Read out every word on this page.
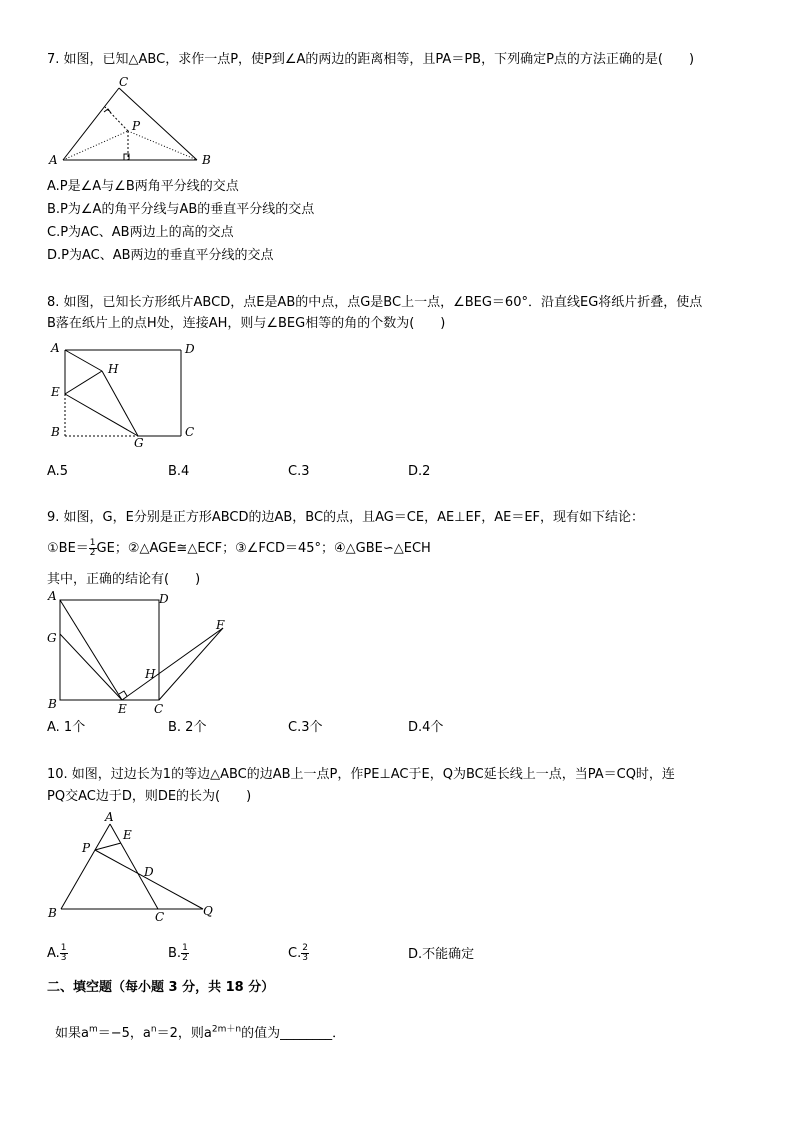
7. 如图，已知△ABC，求作一点P，使P到∠A的两边的距离相等，且PA＝PB，下列确定P点的方法正确的是(　　)
A	B
C
P
A.P是∠A与∠B两角平分线的交点
B.P为∠A的角平分线与AB的垂直平分线的交点
C.P为AC、AB两边上的高的交点
D.P为AC、AB两边的垂直平分线的交点
8. 如图，已知长方形纸片ABCD，点E是AB的中点，点G是BC上一点，∠BEG＝60°．沿直线EG将纸片折叠，使点
B落在纸片上的点H处，连接AH，则与∠BEG相等的角的个数为(　　)
A	D
E
H
B
G
C
A.5	B.4	C.3	D.2
9. 如图，G，E分别是正方形ABCD的边AB，BC的点，且AG＝CE，AE⊥EF，AE＝EF，现有如下结论：
①BE＝ $\frac{1}{2}$ GE；②△AGE≅△ECF；③∠FCD＝45°；④△GBE∽△ECH
其中，正确的结论有(　　)
A	D
G
F
H
B	E C
A. 1个	B. 2个	C.3个	D.4个
10. 如图，过边长为1的等边△ABC的边AB上一点P，作PE⊥AC于E，Q为BC延长线上一点，当PA＝CQ时，连
PQ交AC边于D，则DE的长为(　　)
A
E
P
D
B	C	Q
A. $\frac{1}{3}$	B. $\frac{1}{2}$	C. $\frac{2}{3}$	D.不能确定
二、填空题（每小题 3 分，共 18 分）
如果$a^m=-5$，$a^n=2$，则$a^{2m+n}$的值为________．
